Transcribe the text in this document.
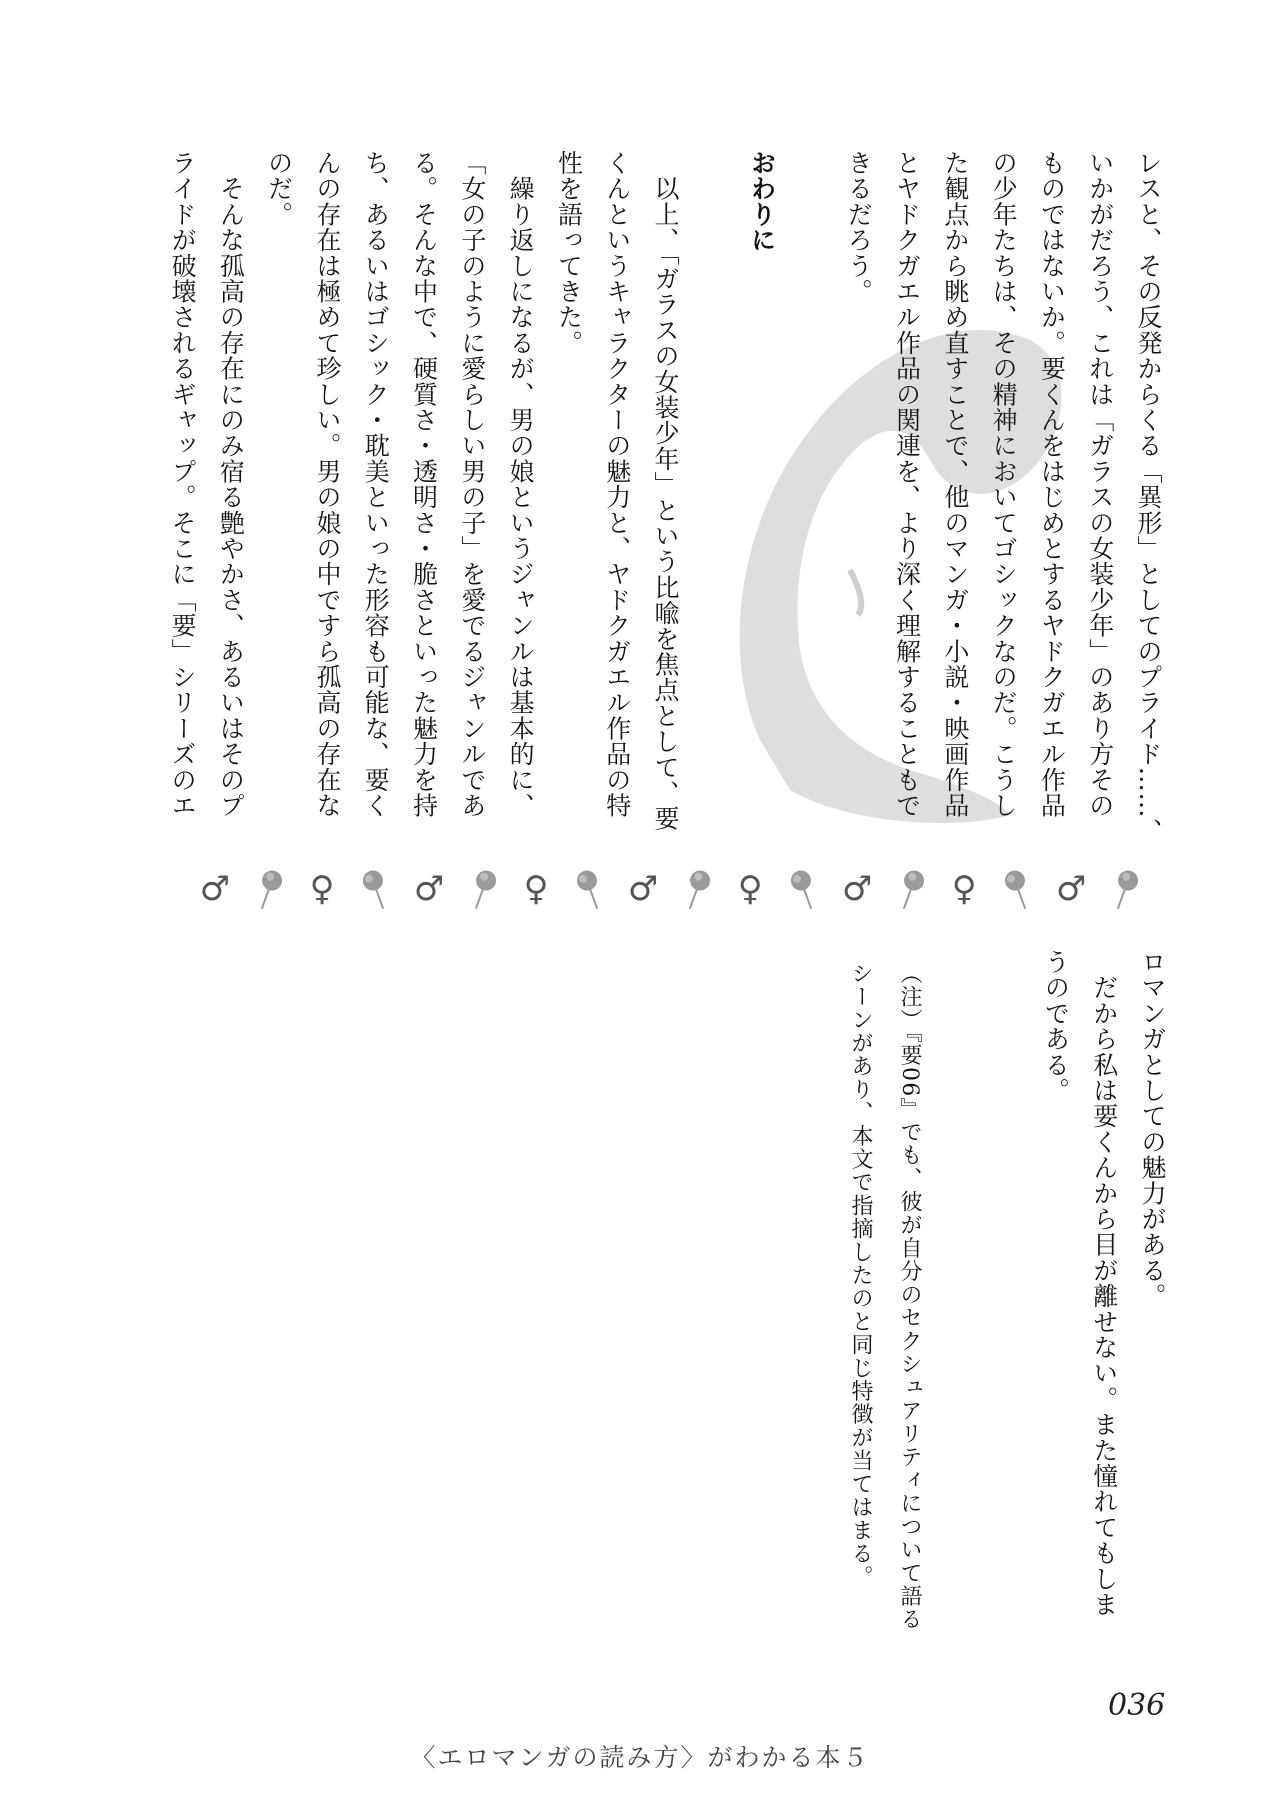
レスと、その反発からくる「異形」としてのプライド……、
いかがだろう、これは「ガラスの女装少年」のあり方その
ものではないか。要くんをはじめとするヤドクガエル作品
の少年たちは、その精神においてゴシックなのだ。こうし
た観点から眺め直すことで、他のマンガ・小説・映画作品
とヤドクガエル作品の関連を、より深く理解することもで
きるだろう。
おわりに
　以上、「ガラスの女装少年」という比喩を焦点として、要
くんというキャラクターの魅力と、ヤドクガエル作品の特
性を語ってきた。
　繰り返しになるが、男の娘というジャンルは基本的に、
「女の子のように愛らしい男の子」を愛でるジャンルであ
る。そんな中で、硬質さ・透明さ・脆さといった魅力を持
ち、あるいはゴシック・耽美といった形容も可能な、要く
んの存在は極めて珍しい。男の娘の中ですら孤高の存在な
のだ。
　そんな孤高の存在にのみ宿る艶やかさ、あるいはそのプ
ライドが破壊されるギャップ。そこに「要」シリーズのエ
♂ ♀ ♂ ♀ ♂ ♀ ♂ ♀ ♂
ロマンガとしての魅力がある。
　だから私は要くんから目が離せない。また憧れてもしま
うのである。
（注）『要06』でも、彼が自分のセクシュアリティについて語る
シーンがあり、本文で指摘したのと同じ特徴が当てはまる。
036
〈エロマンガの読み方〉がわかる本５
